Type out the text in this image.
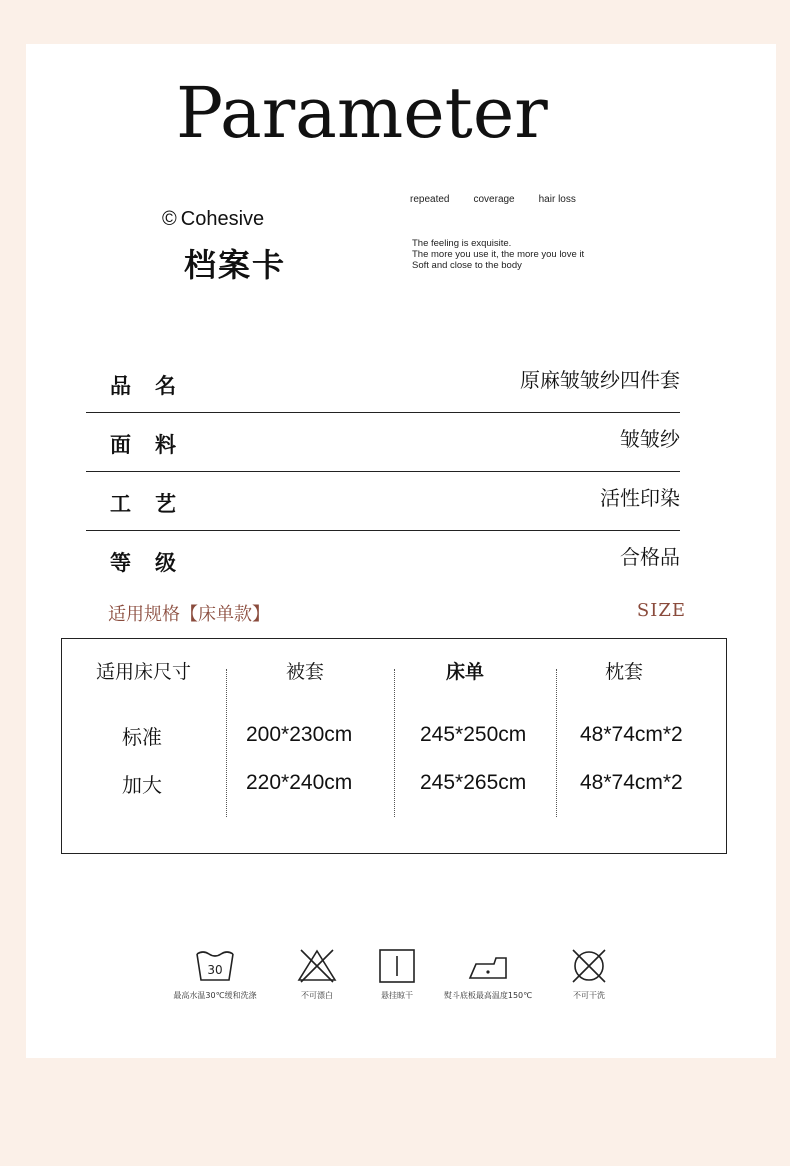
Parameter
© Cohesive
档案卡
repeated coverage hair loss
The feeling is exquisite.
The more you use it, the more you love it
Soft and close to the body
品名	原麻皱皱纱四件套
面料	皱皱纱
工艺	活性印染
等级	合格品
适用规格【床单款】	SIZE
适用床尺寸	被套	床单	枕套
标准	200*230cm	245*250cm	48*74cm*2
加大	220*240cm	245*265cm	48*74cm*2
30
最高水温30℃缓和洗涤	不可漂白	悬挂晾干	熨斗底板最高温度150℃	不可干洗
